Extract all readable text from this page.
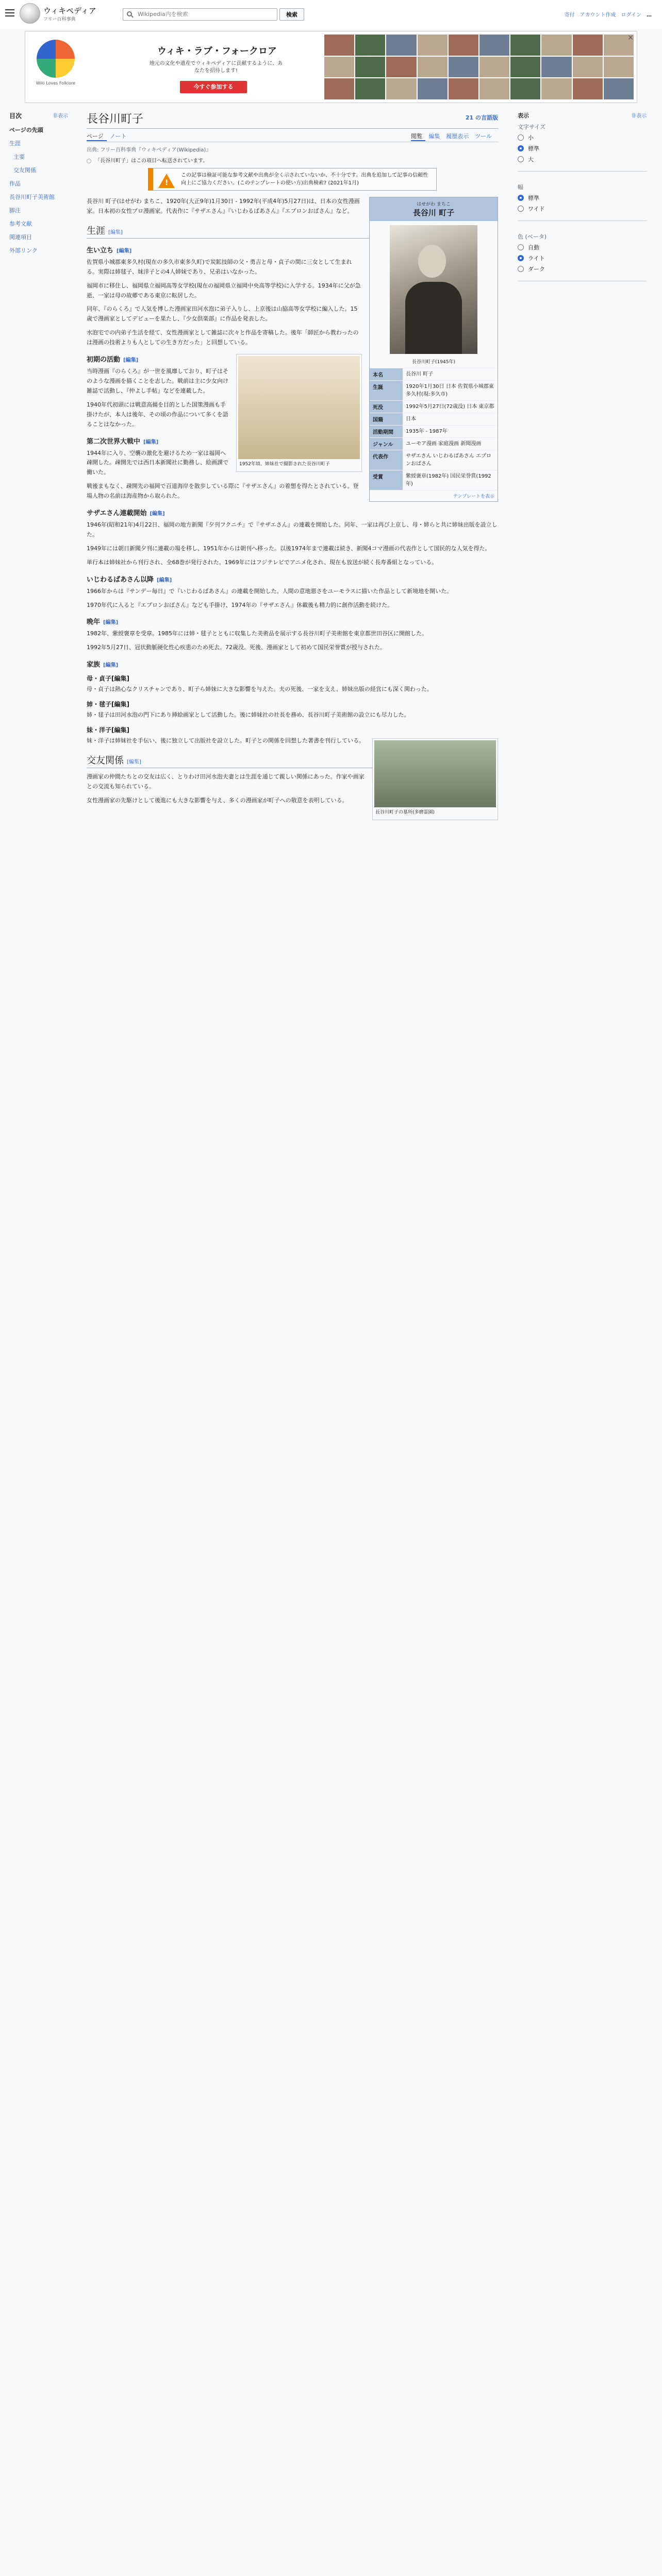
ウィキペディア
フリー百科事典
Wikipedia内を検索
検索	寄付 アカウント作成 ログイン …
Wiki Loves Folklore
ウィキ・ラブ・フォークロア
地元の文化や遺産でウィキペディアに貢献するように、あなたを招待します!
今すぐ参加する
×
目次	非表示
ページの先頭
生涯
主要
交友関係
作品
長谷川町子美術館
脚注
参考文献
関連項目
外部リンク
長谷川町子	21 の言語版
ページ ノート	閲覧 編集 履歴表示 ツール
出典: フリー百科事典『ウィキペディア(Wikipedia)』
「長谷川町子」はこの項目へ転送されています。
!
この記事は検証可能な参考文献や出典が全く示されていないか、不十分です。出典を追加して記事の信頼性向上にご協力ください。(このテンプレートの使い方)出典検索? (2021年1月)
はせがわ まちこ
長谷川 町子
長谷川町子(1945年)
本名	長谷川 町子
生誕	1920年1月30日 日本 佐賀県小城郡東多久村(現:多久市)
死没	1992年5月27日(72歳没) 日本 東京都
国籍	日本
活動期間	1935年 - 1987年
ジャンル	ユーモア漫画 家庭漫画 新聞漫画
代表作	サザエさん いじわるばあさん エプロンおばさん
受賞	紫綬褒章(1982年) 国民栄誉賞(1992年)
テンプレートを表示

長谷川 町子(はせがわ まちこ、1920年(大正9年)1月30日 - 1992年(平成4年)5月27日)は、日本の女性漫画家。日本初の女性プロ漫画家。代表作に『サザエさん』『いじわるばあさん』『エプロンおばさん』など。

生涯 [編集]
生い立ち [編集]

佐賀県小城郡東多久村(現在の多久市東多久町)で炭鉱技師の父・勇吉と母・貞子の間に三女として生まれる。実際は姉毬子、妹洋子との4人姉妹であり、兄弟はいなかった。

福岡市に移住し、福岡県立福岡高等女学校(現在の福岡県立福岡中央高等学校)に入学する。1934年に父が急逝、一家は母の故郷である東京に転居した。

同年、『のらくろ』で人気を博した漫画家田河水泡に弟子入りし、上京後は山脇高等女学校に編入した。15歳で漫画家としてデビューを果たし、『少女倶楽部』に作品を発表した。

水泡宅での内弟子生活を経て、女性漫画家として雑誌に次々と作品を寄稿した。後年「師匠から教わったのは漫画の技術よりも人としての生き方だった」と回想している。

1952年頃、姉妹社で撮影された長谷川町子
初期の活動 [編集]

当時漫画『のらくろ』が一世を風靡しており、町子はそのような漫画を描くことを志した。戦前は主に少女向け雑誌で活動し、『仲よし手帖』などを連載した。

1940年代初頭には戦意高揚を目的とした国策漫画も手掛けたが、本人は後年、その頃の作品について多くを語ることはなかった。

第二次世界大戦中 [編集]

1944年に入り、空襲の激化を避けるため一家は福岡へ疎開した。疎開先では西日本新聞社に勤務し、絵画課で働いた。

戦後まもなく、疎開先の福岡で百道海岸を散歩している際に『サザエさん』の着想を得たとされている。登場人物の名前は海産物から取られた。

サザエさん連載開始 [編集]

1946年(昭和21年)4月22日、福岡の地方新聞『夕刊フクニチ』で『サザエさん』の連載を開始した。同年、一家は再び上京し、母・姉らと共に姉妹出版を設立した。

1949年には朝日新聞夕刊に連載の場を移し、1951年からは朝刊へ移った。以後1974年まで連載は続き、新聞4コマ漫画の代表作として国民的な人気を得た。

単行本は姉妹社から刊行され、全68巻が発行された。1969年にはフジテレビでアニメ化され、現在も放送が続く長寿番組となっている。

いじわるばあさん以降 [編集]

1966年からは『サンデー毎日』で『いじわるばあさん』の連載を開始した。人間の意地悪さをユーモラスに描いた作品として新境地を開いた。

1970年代に入ると『エプロンおばさん』なども手掛け、1974年の『サザエさん』休載後も精力的に創作活動を続けた。

晩年 [編集]

1982年、紫綬褒章を受章。1985年には姉・毬子とともに収集した美術品を展示する長谷川町子美術館を東京都世田谷区に開館した。

1992年5月27日、冠状動脈硬化性心疾患のため死去。72歳没。死後、漫画家として初めて国民栄誉賞が授与された。

家族 [編集]
母・貞子[編集]

母・貞子は熱心なクリスチャンであり、町子ら姉妹に大きな影響を与えた。夫の死後、一家を支え、姉妹出版の経営にも深く関わった。

姉・毬子[編集]

姉・毬子は田河水泡の門下にあり挿絵画家として活動した。後に姉妹社の社長を務め、長谷川町子美術館の設立にも尽力した。

妹・洋子[編集]
長谷川町子の墓所(多磨霊園)

妹・洋子は姉妹社を手伝い、後に独立して出版社を設立した。町子との関係を回想した著書を刊行している。

交友関係 [編集]

漫画家の仲間たちとの交友は広く、とりわけ田河水泡夫妻とは生涯を通じて親しい関係にあった。作家や画家との交流も知られている。

女性漫画家の先駆けとして後進にも大きな影響を与え、多くの漫画家が町子への敬意を表明している。

表示	非表示
文字サイズ
小
標準
大
幅
標準
ワイド
色 (ベータ)
自動
ライト
ダーク
